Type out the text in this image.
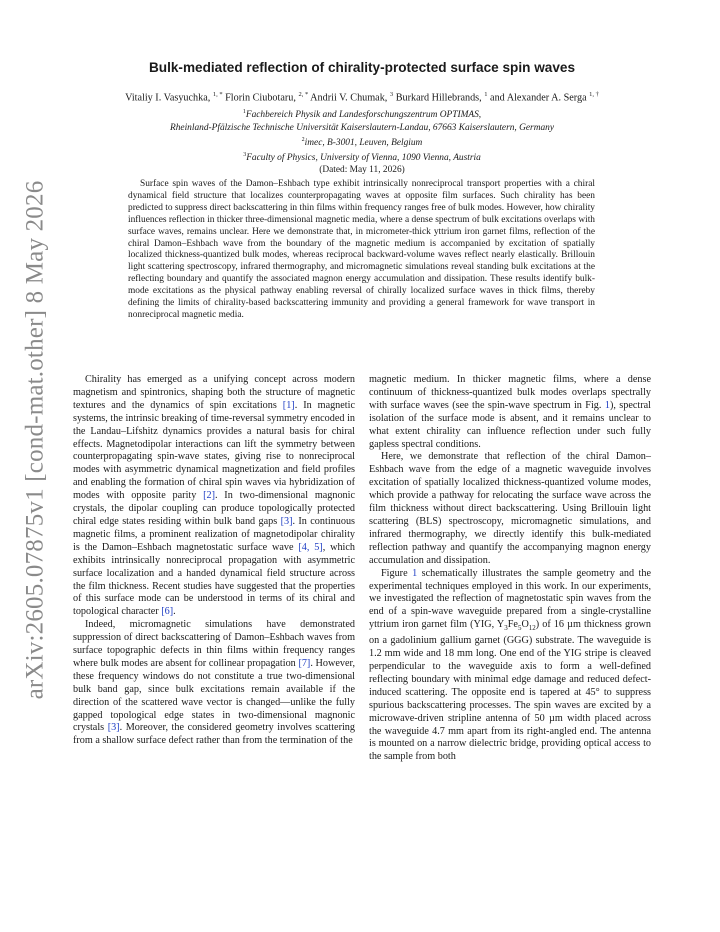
arXiv:2605.07875v1 [cond-mat.other] 8 May 2026
Bulk-mediated reflection of chirality-protected surface spin waves
Vitaliy I. Vasyuchka, $^{1, *}$ Florin Ciubotaru, $^{2, *}$ Andrii V. Chumak, $^3$ Burkard Hillebrands, $^1$ and Alexander A. Serga $^{1, \dagger}$
$^1$Fachbereich Physik and Landesforschungszentrum OPTIMAS,
Rheinland-Pfälzische Technische Universität Kaiserslautern-Landau, 67663 Kaiserslautern, Germany
$^2$imec, B-3001, Leuven, Belgium
$^3$Faculty of Physics, University of Vienna, 1090 Vienna, Austria
(Dated: May 11, 2026)

Surface spin waves of the Damon–Eshbach type exhibit intrinsically nonreciprocal transport properties with a chiral dynamical field structure that localizes counterpropagating waves at opposite film surfaces. Such chirality has been predicted to suppress direct backscattering in thin films within frequency ranges free of bulk modes. However, how chirality influences reflection in thicker three-dimensional magnetic media, where a dense spectrum of bulk excitations overlaps with surface waves, remains unclear. Here we demonstrate that, in micrometer-thick yttrium iron garnet films, reflection of the chiral Damon–Eshbach wave from the boundary of the magnetic medium is accompanied by excitation of spatially localized thickness-quantized bulk modes, whereas reciprocal backward-volume waves reflect nearly elastically. Brillouin light scattering spectroscopy, infrared thermography, and micromagnetic simulations reveal standing bulk excitations at the reflecting boundary and quantify the associated magnon energy accumulation and dissipation. These results identify bulk-mode excitations as the physical pathway enabling reversal of chirally localized surface waves in thick films, thereby defining the limits of chirality-based backscattering immunity and providing a general framework for wave transport in nonreciprocal magnetic media.

Chirality has emerged as a unifying concept across modern magnetism and spintronics, shaping both the structure of magnetic textures and the dynamics of spin excitations [1]. In magnetic systems, the intrinsic breaking of time-reversal symmetry encoded in the Landau–Lifshitz dynamics provides a natural basis for chiral effects. Magnetodipolar interactions can lift the symmetry between counterpropagating spin-wave states, giving rise to nonreciprocal modes with asymmetric dynamical magnetization and field profiles and enabling the formation of chiral spin waves via hybridization of modes with opposite parity [2]. In two-dimensional magnonic crystals, the dipolar coupling can produce topologically protected chiral edge states residing within bulk band gaps [3]. In continuous magnetic films, a prominent realization of magnetodipolar chirality is the Damon–Eshbach magnetostatic surface wave [4, 5], which exhibits intrinsically nonreciprocal propagation with asymmetric surface localization and a handed dynamical field structure across the film thickness. Recent studies have suggested that the properties of this surface mode can be understood in terms of its chiral and topological character [6].

Indeed, micromagnetic simulations have demonstrated suppression of direct backscattering of Damon–Eshbach waves from surface topographic defects in thin films within frequency ranges where bulk modes are absent for collinear propagation [7]. However, these frequency windows do not constitute a true two-dimensional bulk band gap, since bulk excitations remain available if the direction of the scattered wave vector is changed—unlike the fully gapped topological edge states in two-dimensional magnonic crystals [3]. Moreover, the considered geometry involves scattering from a shallow surface defect rather than from the termination of the

magnetic medium. In thicker magnetic films, where a dense continuum of thickness-quantized bulk modes overlaps spectrally with surface waves (see the spin-wave spectrum in Fig. 1), spectral isolation of the surface mode is absent, and it remains unclear to what extent chirality can influence reflection under such fully gapless spectral conditions.

Here, we demonstrate that reflection of the chiral Damon–Eshbach wave from the edge of a magnetic waveguide involves excitation of spatially localized thickness-quantized volume modes, which provide a pathway for relocating the surface wave across the film thickness without direct backscattering. Using Brillouin light scattering (BLS) spectroscopy, micromagnetic simulations, and infrared thermography, we directly identify this bulk-mediated reflection pathway and quantify the accompanying magnon energy accumulation and dissipation.

Figure 1 schematically illustrates the sample geometry and the experimental techniques employed in this work. In our experiments, we investigated the reflection of magnetostatic spin waves from the end of a spin-wave waveguide prepared from a single-crystalline yttrium iron garnet film (YIG, $Y_3Fe_5O_{12}$) of 16 µm thickness grown on a gadolinium gallium garnet (GGG) substrate. The waveguide is 1.2 mm wide and 18 mm long. One end of the YIG stripe is cleaved perpendicular to the waveguide axis to form a well-defined reflecting boundary with minimal edge damage and reduced defect-induced scattering. The opposite end is tapered at 45° to suppress spurious backscattering processes. The spin waves are excited by a microwave-driven stripline antenna of 50 µm width placed across the waveguide 4.7 mm apart from its right-angled end. The antenna is mounted on a narrow dielectric bridge, providing optical access to the sample from both
